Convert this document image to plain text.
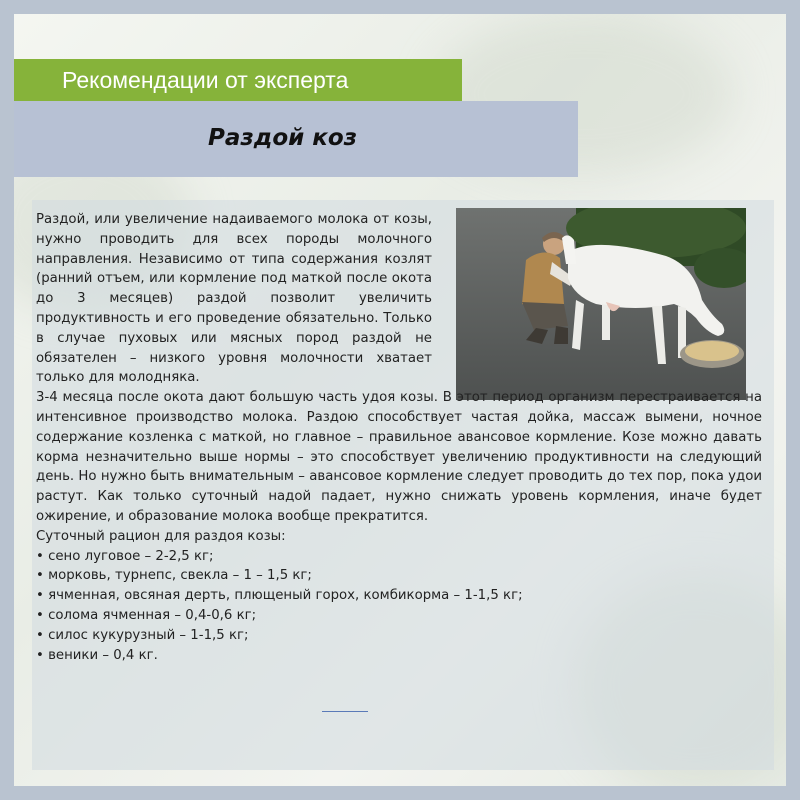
Рекомендации от эксперта
Раздой коз

Раздой, или увеличение надаиваемого молока от козы, нужно проводить для всех породы молочного направления. Независимо от типа содержания козлят (ранний отъем, или кормление под маткой после окота до 3 месяцев) раздой позволит увеличить продуктивность и его проведение обязательно. Только в случае пуховых или мясных пород раздой не обязателен – низкого уровня молочности хватает только для молодняка.

3-4 месяца после окота дают большую часть удоя козы. В этот период организм перестраивается на интенсивное производство молока. Раздою способствует частая дойка, массаж вымени, ночное содержание козленка с маткой, но главное – правильное авансовое кормление. Козе можно давать корма незначительно выше нормы – это способствует увеличению продуктивности на следующий день. Но нужно быть внимательным – авансовое кормление следует проводить до тех пор, пока удои растут. Как только суточный надой падает, нужно снижать уровень кормления, иначе будет ожирение, и образование молока вообще прекратится.

Суточный рацион для раздоя козы:

• сено луговое – 2-2,5 кг;
• морковь, турнепс, свекла – 1 – 1,5 кг;
• ячменная, овсяная дерть, плющеный горох, комбикорма – 1-1,5 кг;
• солома ячменная – 0,4-0,6 кг;
• силос кукурузный – 1-1,5 кг;
• веники – 0,4 кг.
